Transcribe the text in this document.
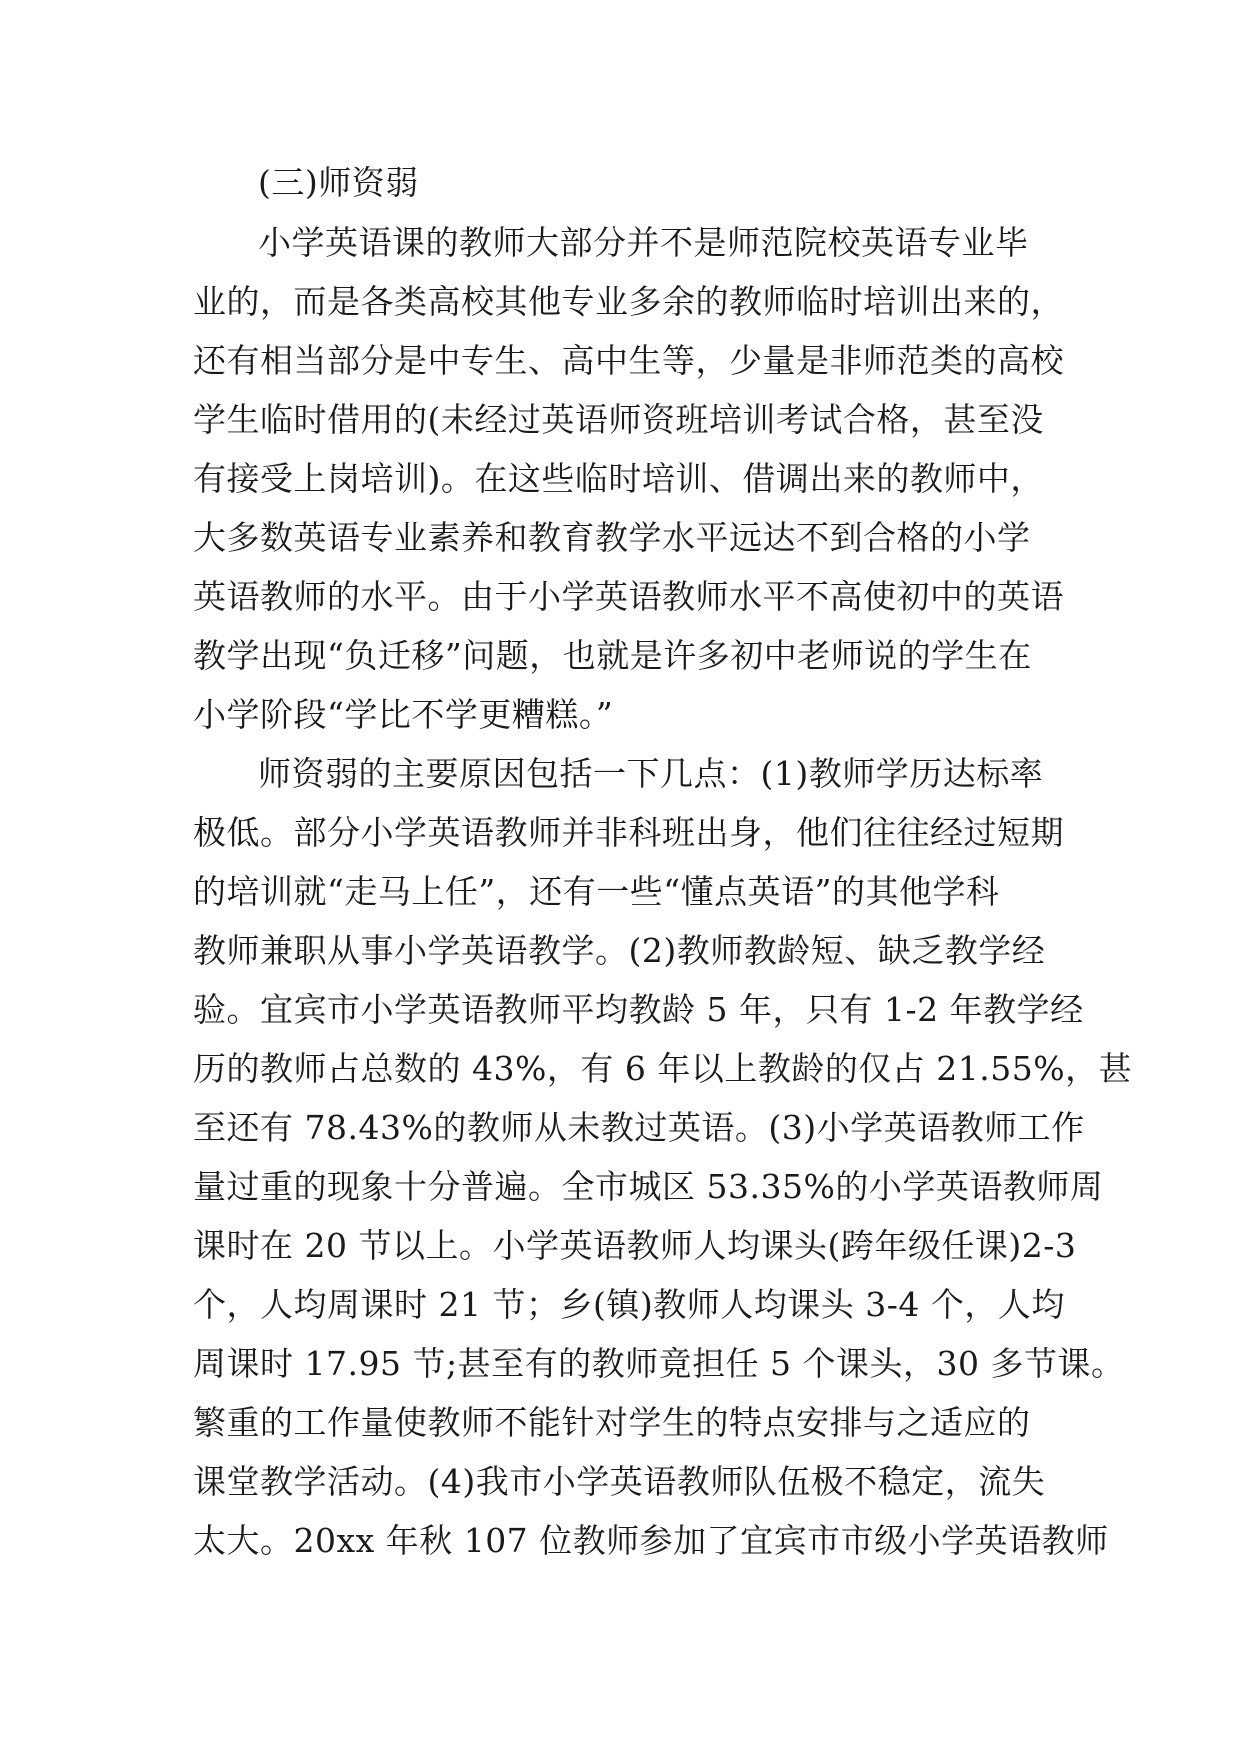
(三)师资弱
小学英语课的教师大部分并不是师范院校英语专业毕
业的，而是各类高校其他专业多余的教师临时培训出来的，
还有相当部分是中专生、高中生等，少量是非师范类的高校
学生临时借用的(未经过英语师资班培训考试合格，甚至没
有接受上岗培训)。在这些临时培训、借调出来的教师中，
大多数英语专业素养和教育教学水平远达不到合格的小学
英语教师的水平。由于小学英语教师水平不高使初中的英语
教学出现“负迁移”问题，也就是许多初中老师说的学生在
小学阶段“学比不学更糟糕。”
师资弱的主要原因包括一下几点：(1)教师学历达标率
极低。部分小学英语教师并非科班出身，他们往往经过短期
的培训就“走马上任”，还有一些“懂点英语”的其他学科
教师兼职从事小学英语教学。(2)教师教龄短、缺乏教学经
验。宜宾市小学英语教师平均教龄 5 年，只有 1-2 年教学经
历的教师占总数的 43%，有 6 年以上教龄的仅占 21.55%，甚
至还有 78.43%的教师从未教过英语。(3)小学英语教师工作
量过重的现象十分普遍。全市城区 53.35%的小学英语教师周
课时在 20 节以上。小学英语教师人均课头(跨年级任课)2-3
个，人均周课时 21 节；乡(镇)教师人均课头 3-4 个，人均
周课时 17.95 节;甚至有的教师竟担任 5 个课头，30 多节课。
繁重的工作量使教师不能针对学生的特点安排与之适应的
课堂教学活动。(4)我市小学英语教师队伍极不稳定，流失
太大。20xx 年秋 107 位教师参加了宜宾市市级小学英语教师
